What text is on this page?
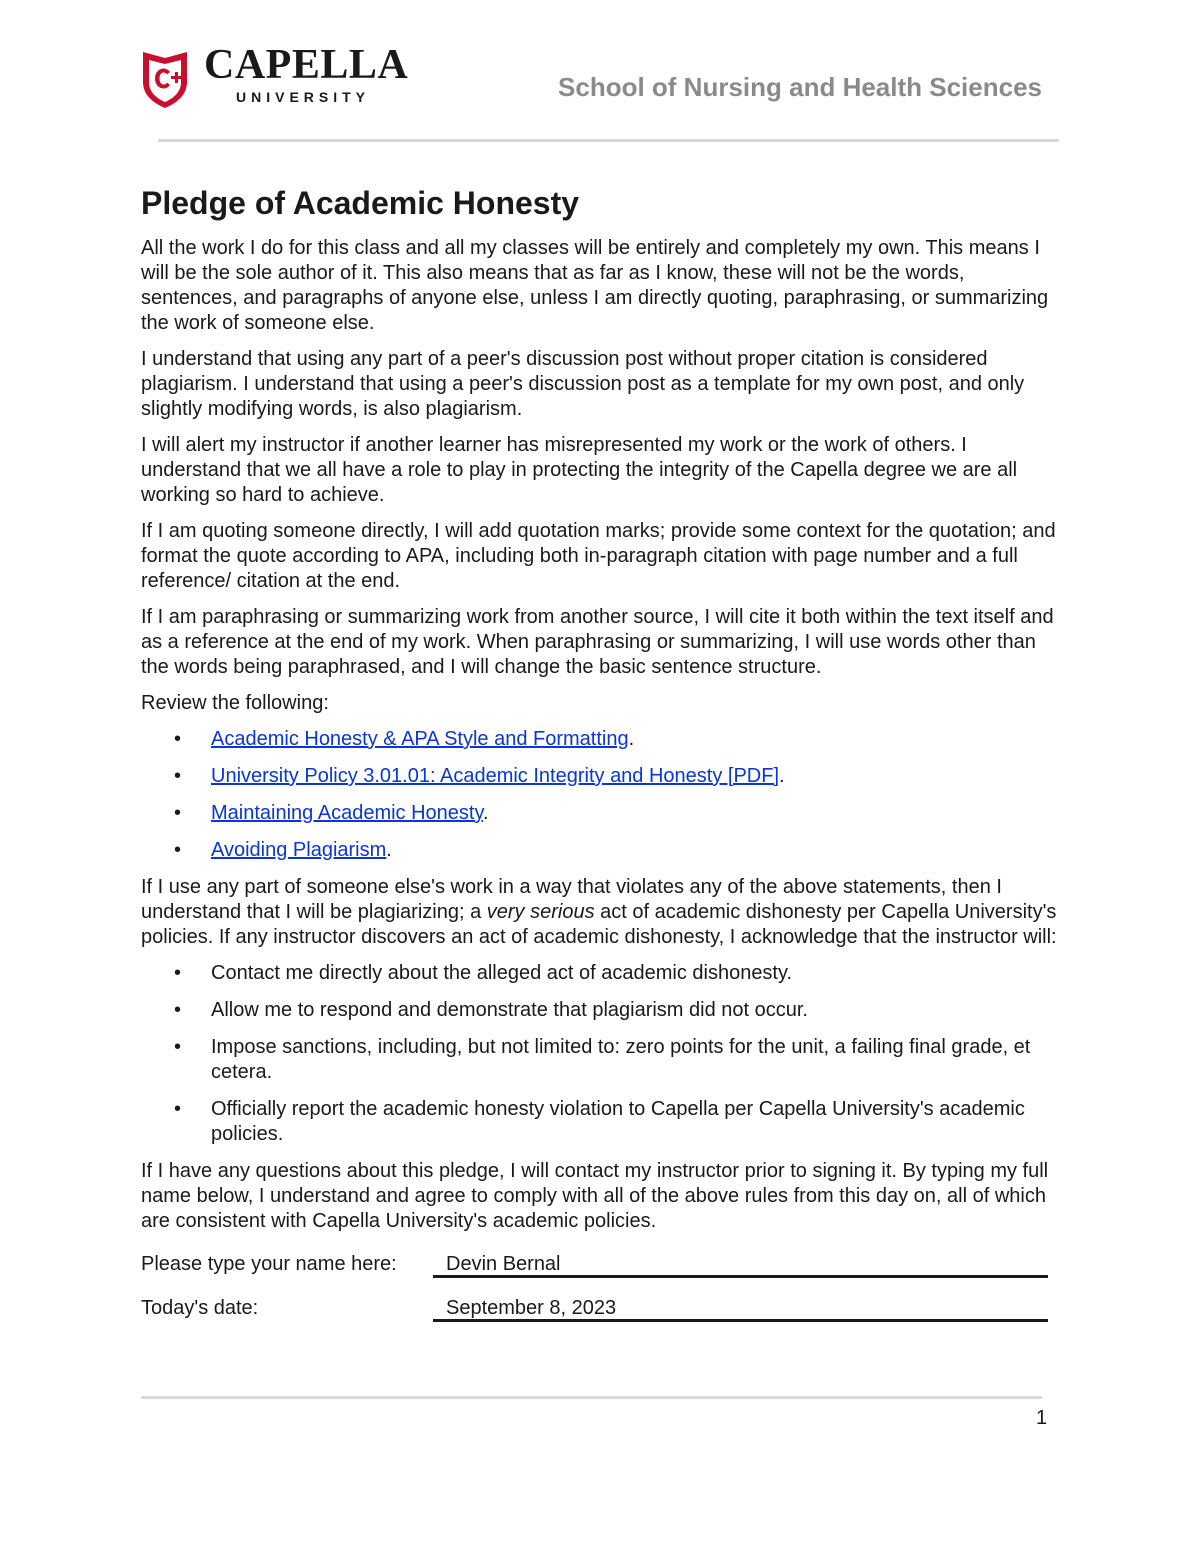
CAPELLA
UNIVERSITY	School of Nursing and Health Sciences
Pledge of Academic Honesty

All the work I do for this class and all my classes will be entirely and completely my own. This means I will be the sole author of it. This also means that as far as I know, these will not be the words, sentences, and paragraphs of anyone else, unless I am directly quoting, paraphrasing, or summarizing the work of someone else.

I understand that using any part of a peer's discussion post without proper citation is considered plagiarism. I understand that using a peer's discussion post as a template for my own post, and only slightly modifying words, is also plagiarism.

I will alert my instructor if another learner has misrepresented my work or the work of others. I understand that we all have a role to play in protecting the integrity of the Capella degree we are all working so hard to achieve.

If I am quoting someone directly, I will add quotation marks; provide some context for the quotation; and format the quote according to APA, including both in-paragraph citation with page number and a full reference/ citation at the end.

If I am paraphrasing or summarizing work from another source, I will cite it both within the text itself and as a reference at the end of my work. When paraphrasing or summarizing, I will use words other than the words being paraphrased, and I will change the basic sentence structure.

Review the following:

• Academic Honesty & APA Style and Formatting.
• University Policy 3.01.01: Academic Integrity and Honesty [PDF].
• Maintaining Academic Honesty.
• Avoiding Plagiarism.

If I use any part of someone else's work in a way that violates any of the above statements, then I understand that I will be plagiarizing; a very serious act of academic dishonesty per Capella University's policies. If any instructor discovers an act of academic dishonesty, I acknowledge that the instructor will:

• Contact me directly about the alleged act of academic dishonesty.
• Allow me to respond and demonstrate that plagiarism did not occur.
• Impose sanctions, including, but not limited to: zero points for the unit, a failing final grade, et cetera.
• Officially report the academic honesty violation to Capella per Capella University's academic policies.

If I have any questions about this pledge, I will contact my instructor prior to signing it. By typing my full name below, I understand and agree to comply with all of the above rules from this day on, all of which are consistent with Capella University's academic policies.

Please type your name here:	Devin Bernal
Today's date:	September 8, 2023
1
